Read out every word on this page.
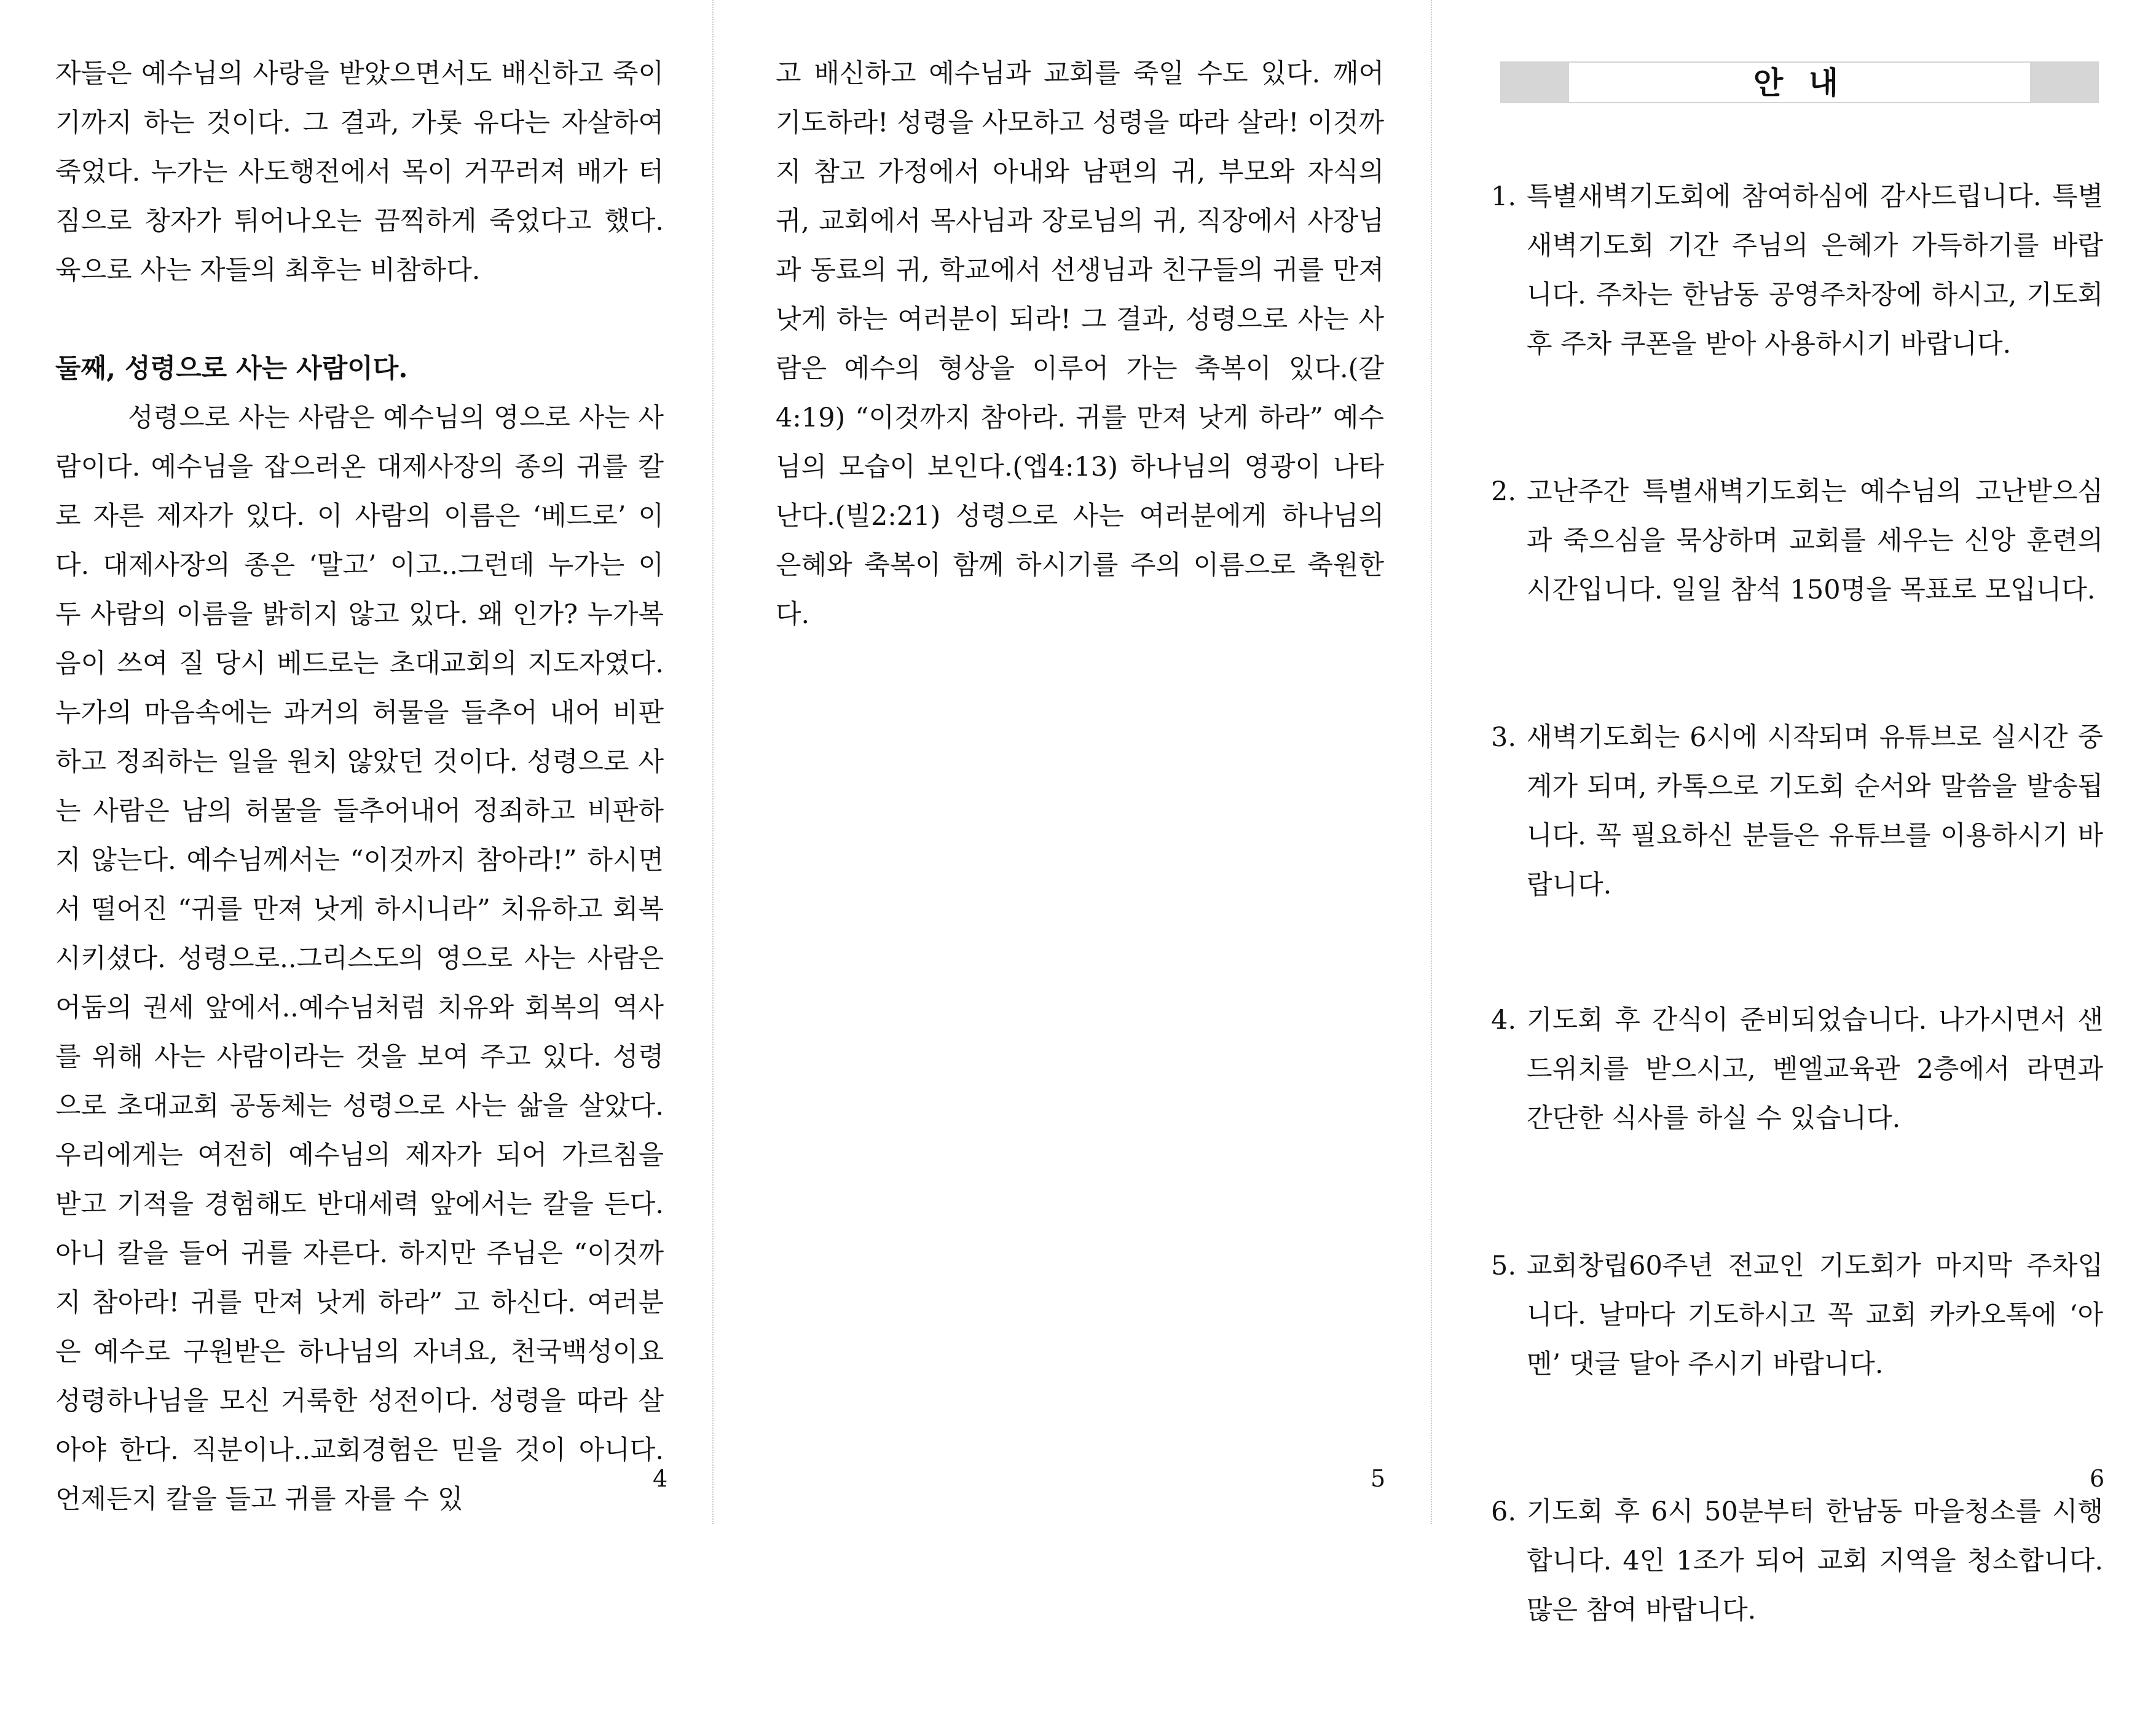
자들은 예수님의 사랑을 받았으면서도 배신하고 죽이기까지 하는 것이다. 그 결과, 가롯 유다는 자살하여 죽었다. 누가는 사도행전에서 목이 거꾸러져 배가 터짐으로 창자가 튀어나오는 끔찍하게 죽었다고 했다. 육으로 사는 자들의 최후는 비참하다.

둘째, 성령으로 사는 사람이다.

성령으로 사는 사람은 예수님의 영으로 사는 사람이다. 예수님을 잡으러온 대제사장의 종의 귀를 칼로 자른 제자가 있다. 이 사람의 이름은 ‘베드로’ 이다. 대제사장의 종은 ‘말고’ 이고..그런데 누가는 이 두 사람의 이름을 밝히지 않고 있다. 왜 인가? 누가복음이 쓰여 질 당시 베드로는 초대교회의 지도자였다. 누가의 마음속에는 과거의 허물을 들추어 내어 비판하고 정죄하는 일을 원치 않았던 것이다. 성령으로 사는 사람은 남의 허물을 들추어내어 정죄하고 비판하지 않는다. 예수님께서는 “이것까지 참아라!” 하시면서 떨어진 “귀를 만져 낫게 하시니라” 치유하고 회복시키셨다. 성령으로..그리스도의 영으로 사는 사람은 어둠의 권세 앞에서..예수님처럼 치유와 회복의 역사를 위해 사는 사람이라는 것을 보여 주고 있다. 성령으로 초대교회 공동체는 성령으로 사는 삶을 살았다. 우리에게는 여전히 예수님의 제자가 되어 가르침을 받고 기적을 경험해도 반대세력 앞에서는 칼을 든다. 아니 칼을 들어 귀를 자른다. 하지만 주님은 “이것까지 참아라! 귀를 만져 낫게 하라” 고 하신다. 여러분은 예수로 구원받은 하나님의 자녀요, 천국백성이요 성령하나님을 모신 거룩한 성전이다. 성령을 따라 살아야 한다. 직분이나..교회경험은 믿을 것이 아니다. 언제든지 칼을 들고 귀를 자를 수 있

4

고 배신하고 예수님과 교회를 죽일 수도 있다. 깨어 기도하라! 성령을 사모하고 성령을 따라 살라! 이것까지 참고 가정에서 아내와 남편의 귀, 부모와 자식의 귀, 교회에서 목사님과 장로님의 귀, 직장에서 사장님과 동료의 귀, 학교에서 선생님과 친구들의 귀를 만져 낫게 하는 여러분이 되라! 그 결과, 성령으로 사는 사람은 예수의 형상을 이루어 가는 축복이 있다.(갈4:19) “이것까지 참아라. 귀를 만져 낫게 하라” 예수님의 모습이 보인다.(엡4:13) 하나님의 영광이 나타난다.(빌2:21) 성령으로 사는 여러분에게 하나님의 은혜와 축복이 함께 하시기를 주의 이름으로 축원한다.

5
안 내
1. 특별새벽기도회에 참여하심에 감사드립니다. 특별새벽기도회 기간 주님의 은혜가 가득하기를 바랍니다. 주차는 한남동 공영주차장에 하시고, 기도회 후 주차 쿠폰을 받아 사용하시기 바랍니다.
2. 고난주간 특별새벽기도회는 예수님의 고난받으심과 죽으심을 묵상하며 교회를 세우는 신앙 훈련의 시간입니다. 일일 참석 150명을 목표로 모입니다.
3. 새벽기도회는 6시에 시작되며 유튜브로 실시간 중계가 되며, 카톡으로 기도회 순서와 말씀을 발송됩니다. 꼭 필요하신 분들은 유튜브를 이용하시기 바랍니다.
4. 기도회 후 간식이 준비되었습니다. 나가시면서 샌드위치를 받으시고, 벧엘교육관 2층에서 라면과 간단한 식사를 하실 수 있습니다.
5. 교회창립60주년 전교인 기도회가 마지막 주차입니다. 날마다 기도하시고 꼭 교회 카카오톡에 ‘아멘’ 댓글 달아 주시기 바랍니다.
6. 기도회 후 6시 50분부터 한남동 마을청소를 시행합니다. 4인 1조가 되어 교회 지역을 청소합니다. 많은 참여 바랍니다.
6
